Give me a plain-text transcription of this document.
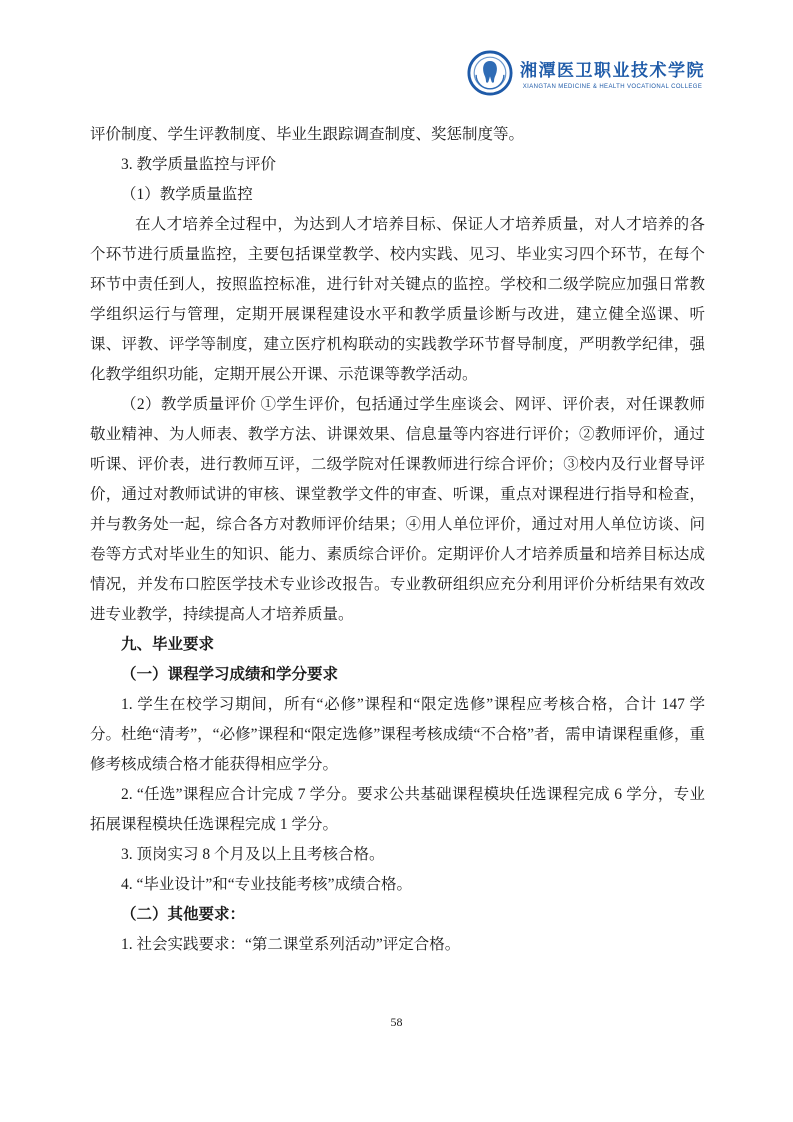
湘潭医卫职业技术学院
XIANGTAN MEDICINE & HEALTH VOCATIONAL COLLEGE

评价制度、学生评教制度、毕业生跟踪调查制度、奖惩制度等。

3. 教学质量监控与评价

（1）教学质量监控

在人才培养全过程中，为达到人才培养目标、保证人才培养质量，对人才培养的各个环节进行质量监控，主要包括课堂教学、校内实践、见习、毕业实习四个环节，在每个环节中责任到人，按照监控标准，进行针对关键点的监控。学校和二级学院应加强日常教学组织运行与管理，定期开展课程建设水平和教学质量诊断与改进，建立健全巡课、听课、评教、评学等制度，建立医疗机构联动的实践教学环节督导制度，严明教学纪律，强化教学组织功能，定期开展公开课、示范课等教学活动。

（2）教学质量评价 ①学生评价，包括通过学生座谈会、网评、评价表，对任课教师敬业精神、为人师表、教学方法、讲课效果、信息量等内容进行评价；②教师评价，通过听课、评价表，进行教师互评，二级学院对任课教师进行综合评价；③校内及行业督导评价，通过对教师试讲的审核、课堂教学文件的审查、听课，重点对课程进行指导和检查，并与教务处一起，综合各方对教师评价结果；④用人单位评价，通过对用人单位访谈、问卷等方式对毕业生的知识、能力、素质综合评价。定期评价人才培养质量和培养目标达成情况，并发布口腔医学技术专业诊改报告。专业教研组织应充分利用评价分析结果有效改进专业教学，持续提高人才培养质量。

九、毕业要求

（一）课程学习成绩和学分要求

1. 学生在校学习期间，所有“必修”课程和“限定选修”课程应考核合格，合计 147 学分。杜绝“清考”，“必修”课程和“限定选修”课程考核成绩“不合格”者，需申请课程重修，重修考核成绩合格才能获得相应学分。

2. “任选”课程应合计完成 7 学分。要求公共基础课程模块任选课程完成 6 学分，专业拓展课程模块任选课程完成 1 学分。

3. 顶岗实习 8 个月及以上且考核合格。

4. “毕业设计”和“专业技能考核”成绩合格。

（二）其他要求：

1. 社会实践要求：“第二课堂系列活动”评定合格。

58
